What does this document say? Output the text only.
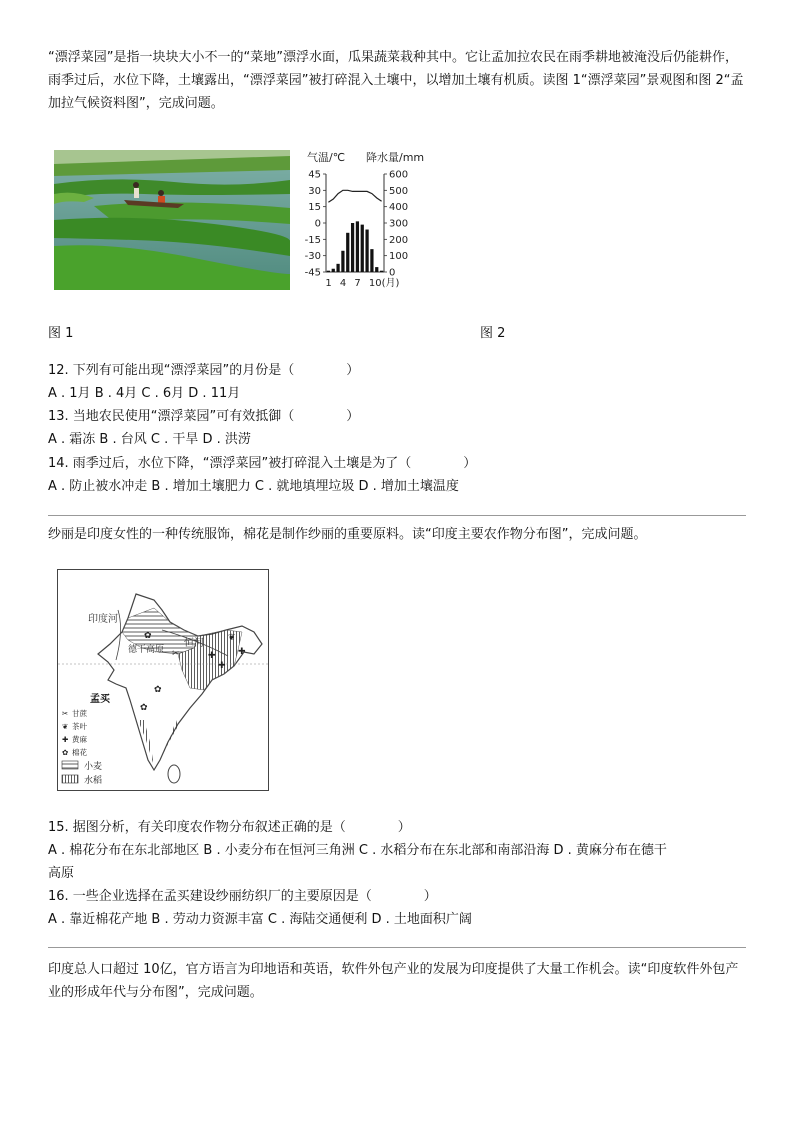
“漂浮菜园”是指一块块大小不一的“菜地”漂浮水面，瓜果蔬菜栽种其中。它让孟加拉农民在雨季耕地被淹没后仍能耕作，雨季过后，水位下降，土壤露出，“漂浮菜园”被打碎混入土壤中，以增加土壤有机质。读图 1“漂浮菜园”景观图和图 2“孟加拉气候资料图”，完成问题。

气温/℃ 降水量/mm
45
30
15
0
-15
-30
-45
600
500
400
300
200
100
0
1 4 7 10(月)
图 1	图 2
12. 下列有可能出现“漂浮菜园”的月份是（　　　　）
A . 1月 B . 4月 C . 6月 D . 11月
13. 当地农民使用“漂浮菜园”可有效抵御（　　　　）
A . 霜冻 B . 台风 C . 干旱 D . 洪涝
14. 雨季过后，水位下降，“漂浮菜园”被打碎混入土壤是为了（　　　　）
A . 防止被水冲走 B . 增加土壤肥力 C . 就地填埋垃圾 D . 增加土壤温度
纱丽是印度女性的一种传统服饰，棉花是制作纱丽的重要原料。读“印度主要农作物分布图”，完成问题。
✚
✚
✚
✿
✿
✿
✂
❦
印度河
恒河
德干高原
孟买
✂ 甘蔗
❦ 茶叶
✚ 黄麻
✿ 棉花
小麦
水稻
15. 据图分析，有关印度农作物分布叙述正确的是（　　　　）
A . 棉花分布在东北部地区 B . 小麦分布在恒河三角洲 C . 水稻分布在东北部和南部沿海 D . 黄麻分布在德干
高原
16. 一些企业选择在孟买建设纱丽纺织厂的主要原因是（　　　　）
A . 靠近棉花产地 B . 劳动力资源丰富 C . 海陆交通便利 D . 土地面积广阔

印度总人口超过 10亿，官方语言为印地语和英语，软件外包产业的发展为印度提供了大量工作机会。读“印度软件外包产业的形成年代与分布图”，完成问题。
